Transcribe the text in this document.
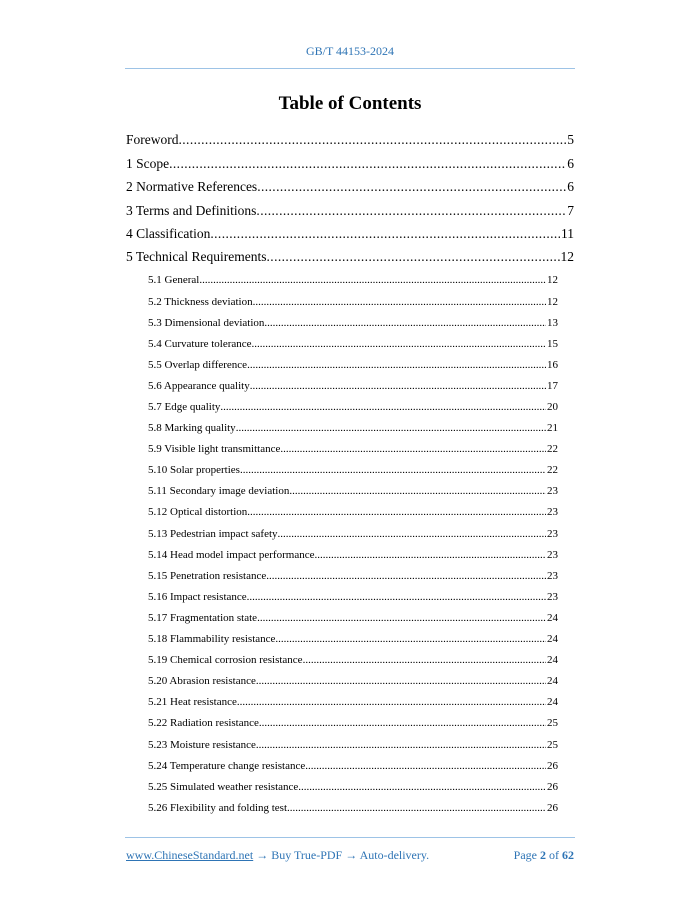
GB/T 44153-2024
Table of Contents
Foreword .....	5
1 Scope .....	6
2 Normative References .....	6
3 Terms and Definitions .....	7
4 Classification .....	11
5 Technical Requirements .....	12
5.1 General .....	12
5.2 Thickness deviation .....	12
5.3 Dimensional deviation .....	13
5.4 Curvature tolerance .....	15
5.5 Overlap difference .....	16
5.6 Appearance quality .....	17
5.7 Edge quality .....	20
5.8 Marking quality .....	21
5.9 Visible light transmittance .....	22
5.10 Solar properties .....	22
5.11 Secondary image deviation .....	23
5.12 Optical distortion .....	23
5.13 Pedestrian impact safety .....	23
5.14 Head model impact performance .....	23
5.15 Penetration resistance .....	23
5.16 Impact resistance .....	23
5.17 Fragmentation state .....	24
5.18 Flammability resistance .....	24
5.19 Chemical corrosion resistance .....	24
5.20 Abrasion resistance .....	24
5.21 Heat resistance .....	24
5.22 Radiation resistance .....	25
5.23 Moisture resistance .....	25
5.24 Temperature change resistance .....	26
5.25 Simulated weather resistance .....	26
5.26 Flexibility and folding test .....	26
www.ChineseStandard.net → Buy True-PDF → Auto-delivery.	Page 2 of 62
